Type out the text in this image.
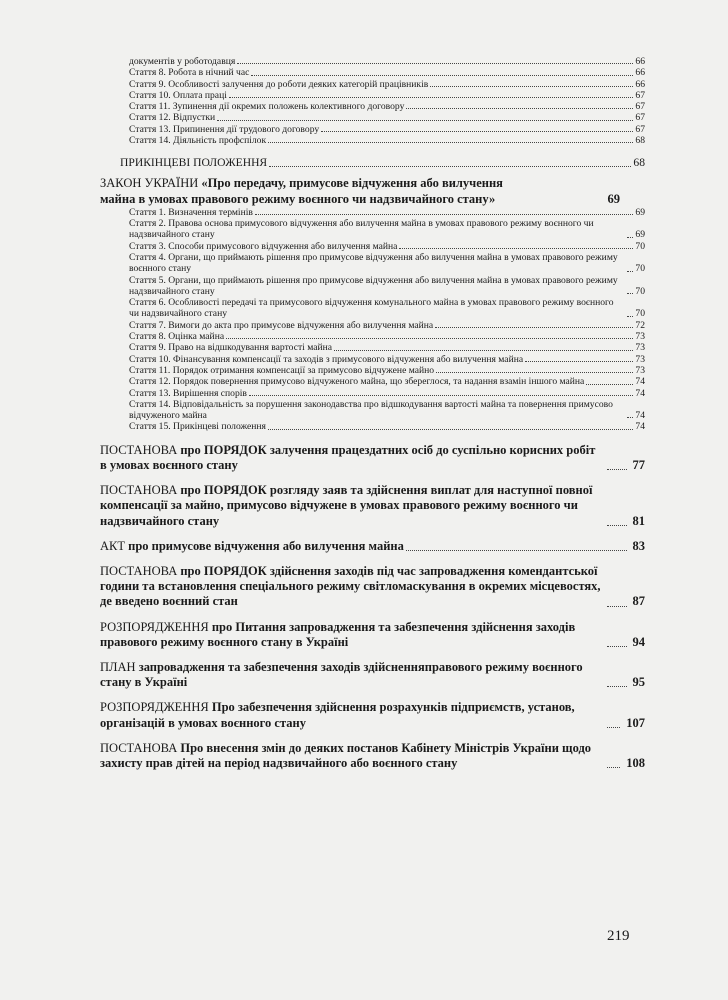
документів у роботодавця	66
Стаття 8. Робота в нічний час	66
Стаття 9. Особливості залучення до роботи деяких категорій працівників	66
Стаття 10. Оплата праці	67
Стаття 11. Зупинення дії окремих положень колективного договору	67
Стаття 12. Відпустки	67
Стаття 13. Припинення дії трудового договору	67
Стаття 14. Діяльність профспілок	68
ПРИКІНЦЕВІ ПОЛОЖЕННЯ	68
ЗАКОН УКРАЇНИ «Про передачу, примусове відчуження або вилучення
майна в умовах правового режиму воєнного чи надзвичайного стану»	69
Стаття 1. Визначення термінів	69
Стаття 2. Правова основа примусового відчуження або вилучення майна в умовах правового режиму воєнного чи надзвичайного стану	69
Стаття 3. Способи примусового відчуження або вилучення майна	70
Стаття 4. Органи, що приймають рішення про примусове відчуження або вилучення майна в умовах правового режиму воєнного стану	70
Стаття 5. Органи, що приймають рішення про примусове відчуження або вилучення майна в умовах правового режиму надзвичайного стану	70
Стаття 6. Особливості передачі та примусового відчуження комунального майна в умовах правового режиму воєнного чи надзвичайного стану	70
Стаття 7. Вимоги до акта про примусове відчуження або вилучення майна	72
Стаття 8. Оцінка майна	73
Стаття 9. Право на відшкодування вартості майна	73
Стаття 10. Фінансування компенсації та заходів з примусового відчуження або вилучення майна	73
Стаття 11. Порядок отримання компенсації за примусово відчужене майно	73
Стаття 12. Порядок повернення примусово відчуженого майна, що збереглося, та надання взамін іншого майна	74
Стаття 13. Вирішення спорів	74
Стаття 14. Відповідальність за порушення законодавства про відшкодування вартості майна та повернення примусово відчуженого майна	74
Стаття 15. Прикінцеві положення	74
ПОСТАНОВА про ПОРЯДОК залучення працездатних осіб до суспільно корисних робіт в умовах воєнного стану	77
ПОСТАНОВА про ПОРЯДОК розгляду заяв та здійснення виплат для наступної повної компенсації за майно, примусово відчужене в умовах правового режиму воєнного чи надзвичайного стану	81
АКТ про примусове відчуження або вилучення майна	83
ПОСТАНОВА про ПОРЯДОК здійснення заходів під час запровадження комендантської години та встановлення спеціального режиму світломаскування в окремих місцевостях, де введено воєнний стан	87
РОЗПОРЯДЖЕННЯ про Питання запровадження та забезпечення здійснення заходів правового режиму воєнного стану в Україні	94
ПЛАН запровадження та забезпечення заходів здійсненняправового режиму воєнного стану в Україні	95
РОЗПОРЯДЖЕННЯ Про забезпечення здійснення розрахунків підприємств, установ, організацій в умовах воєнного стану	107
ПОСТАНОВА Про внесення змін до деяких постанов Кабінету Міністрів України щодо захисту прав дітей на період надзвичайного або воєнного стану	108
219
